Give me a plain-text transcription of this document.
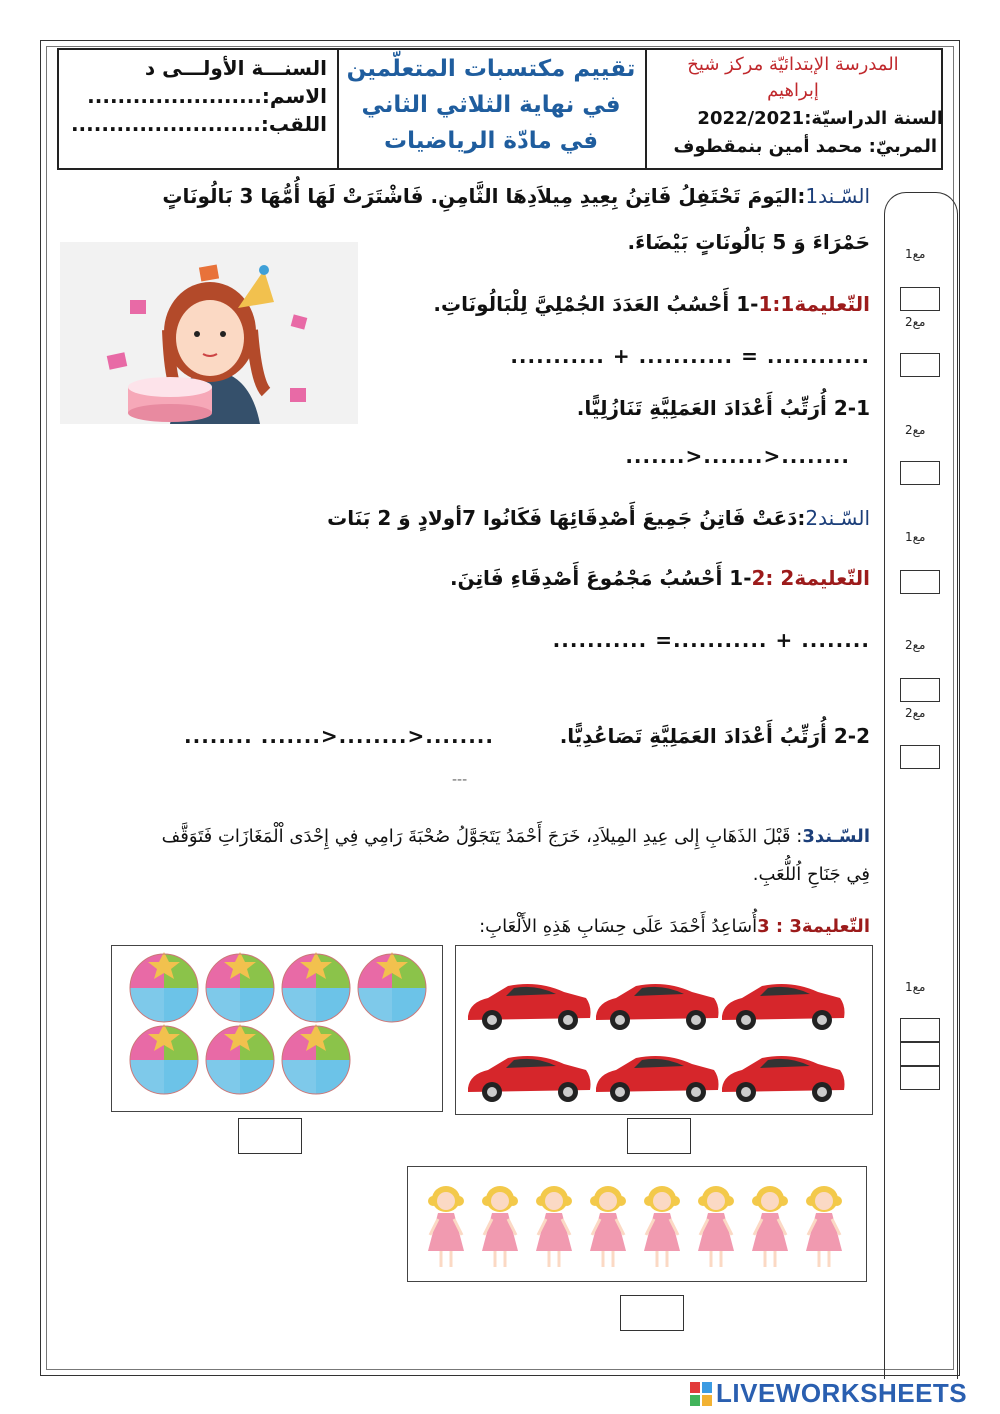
السنـــة الأولـــى د
الاسم:.......................
اللقب:.........................
تقييم مكتسبات المتعلّمين
في نهاية الثلاثي الثاني
في مادّة الرياضيات
المدرسة الإبتدائيّة مركز شيخ
إبراهيم
السنة الدراسيّة:2022/2021
المربيّ: محمد أمين بنمقطوف
مع1
مع2
مع2
مع1
مع2
مع2
مع1
السّـند1:اليَومَ تَحْتَفِلُ فَاتِنُ بِعِيدِ مِيلاَدِهَا الثَّامِنِ. فَاشْتَرَتْ لَهَا أُمُّهَا 3 بَالُونَاتٍ
حَمْرَاءَ وَ 5 بَالُونَاتٍ بَيْضَاءَ.
التّعليمة1:1-1 أَحْسُبُ العَدَدَ الجُمْلِيَّ لِلْبَالُونَاتِ.
............ = ........... + ...........
2-1 أُرَتِّبُ أَعْدَادَ العَمَلِيَّةِ تَنَازُلِيًّا.
........<.......<.......
السّـند2:دَعَتْ فَاتِنُ جَمِيعَ أَصْدِقَائِهَا فَكَانُوا 7أولادٍ وَ 2 بَنَات
التّعليمة2 :2-1 أَحْسُبُ مَجْمُوعَ أَصْدِقَاءِ فَاتِنَ.
........ + ...........= ...........
2-2 أُرَتِّبُ أَعْدَادَ العَمَلِيَّةِ تَصَاعُدِيًّا.
........ .......>........>........
---
السّـند3: قَبْلَ الذَهَابِ إِلى عِيدِ المِيلاَدِ، خَرَجَ أَحْمَدُ يَتَجَوَّلُ صُحْبَةَ رَامِي فِي إِحْدَى اْلْمَغَازَاتِ فَتَوَقَّف
فِي جَنَاحِ اُللُّعَبِ.
التّعليمة3 : 3أُسَاعِدُ أَحْمَدَ عَلَى حِسَابِ هَذِهِ الأَلْعَابِ:
LIVEWORKSHEETS
